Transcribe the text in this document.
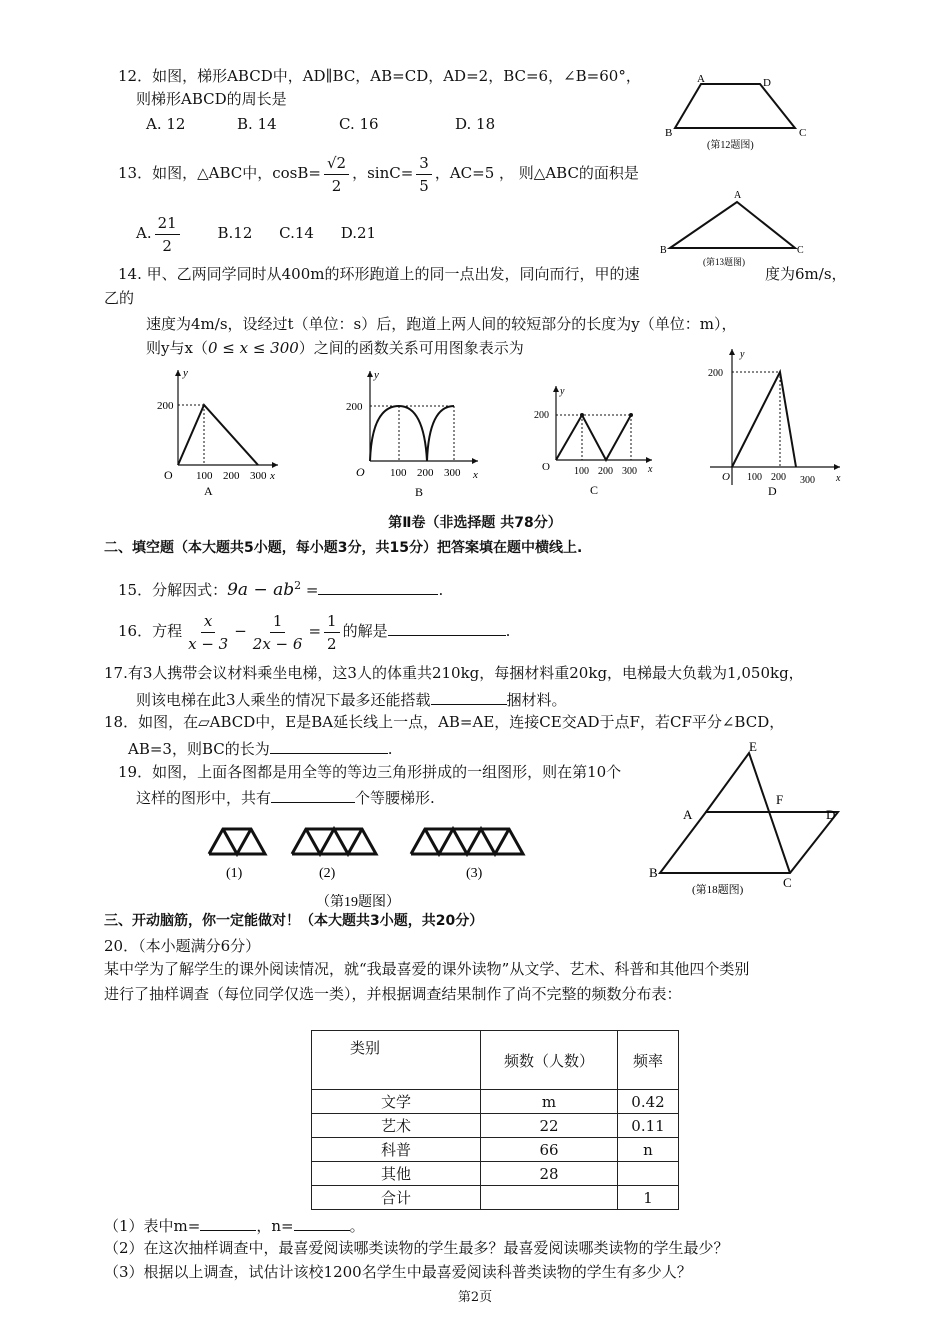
12．如图，梯形ABCD中，AD∥BC，AB=CD，AD=2，BC=6，∠B=60°，
则梯形ABCD的周长是
A. 12	B. 14	C. 16	D. 18
A	D
B	C
(第12题图)
13．如图，△ABC中，$\cos B= \frac{√2}{2}$ ，$\sin C= \frac{3}{5}$ ，AC=5 ， 则△ABC的面积是
A. $\frac{21}{2}$	B.12 C.14 D.21
A
B	C
(第13题图)
14. 甲、乙两同学同时从400m的环形跑道上的同一点出发，同向而行，甲的速	度为6m/s，
乙的
速度为4m/s，设经过t（单位：s）后，跑道上两人间的较短部分的长度为y（单位：m），
则y与x（0 ≤ x ≤ 300）之间的函数关系可用图象表示为
200
100 200 300
O	x
y
A
200
100 200 300
O	x
y
B
200
100 200 300
O	x
y
C
200
100 200 300
O	x
y
D
第Ⅱ卷（非选择题 共78分）
二、填空题（本大题共5小题，每小题3分，共15分）把答案填在题中横线上.
15．分解因式：$9a - ab^2$ =	.
16．方程 $\frac{x}{x - 3} - \frac{1}{2x - 6} = \frac{1}{2}$ 的解是	.
17.有3人携带会议材料乘坐电梯，这3人的体重共210kg，每捆材料重20kg，电梯最大负载为1,050kg，
则该电梯在此3人乘坐的情况下最多还能搭载	捆材料。
18．如图，在▱ABCD中，E是BA延长线上一点，AB=AE，连接CE交AD于点F，若CF平分∠BCD，
AB=3，则BC的长为	.	E
F
A	D
B
C
(第18题图)
19．如图，上面各图都是用全等的等边三角形拼成的一组图形，则在第10个
这样的图形中，共有	个等腰梯形.
(1)	(2)	(3)
（第19题图）
三、开动脑筋，你一定能做对！（本大题共3小题，共20分）
20．（本小题满分6分）
某中学为了解学生的课外阅读情况，就“我最喜爱的课外读物”从文学、艺术、科普和其他四个类别
进行了抽样调查（每位同学仅选一类），并根据调查结果制作了尚不完整的频数分布表：
类别	频数（人数）	频率
文学	m	0.42
艺术	22	0.11
科普	66	n
其他	28	
合计		1
（1）表中m=	，n=	。
（2）在这次抽样调查中，最喜爱阅读哪类读物的学生最多？最喜爱阅读哪类读物的学生最少？
（3）根据以上调查，试估计该校1200名学生中最喜爱阅读科普类读物的学生有多少人？
第2页
